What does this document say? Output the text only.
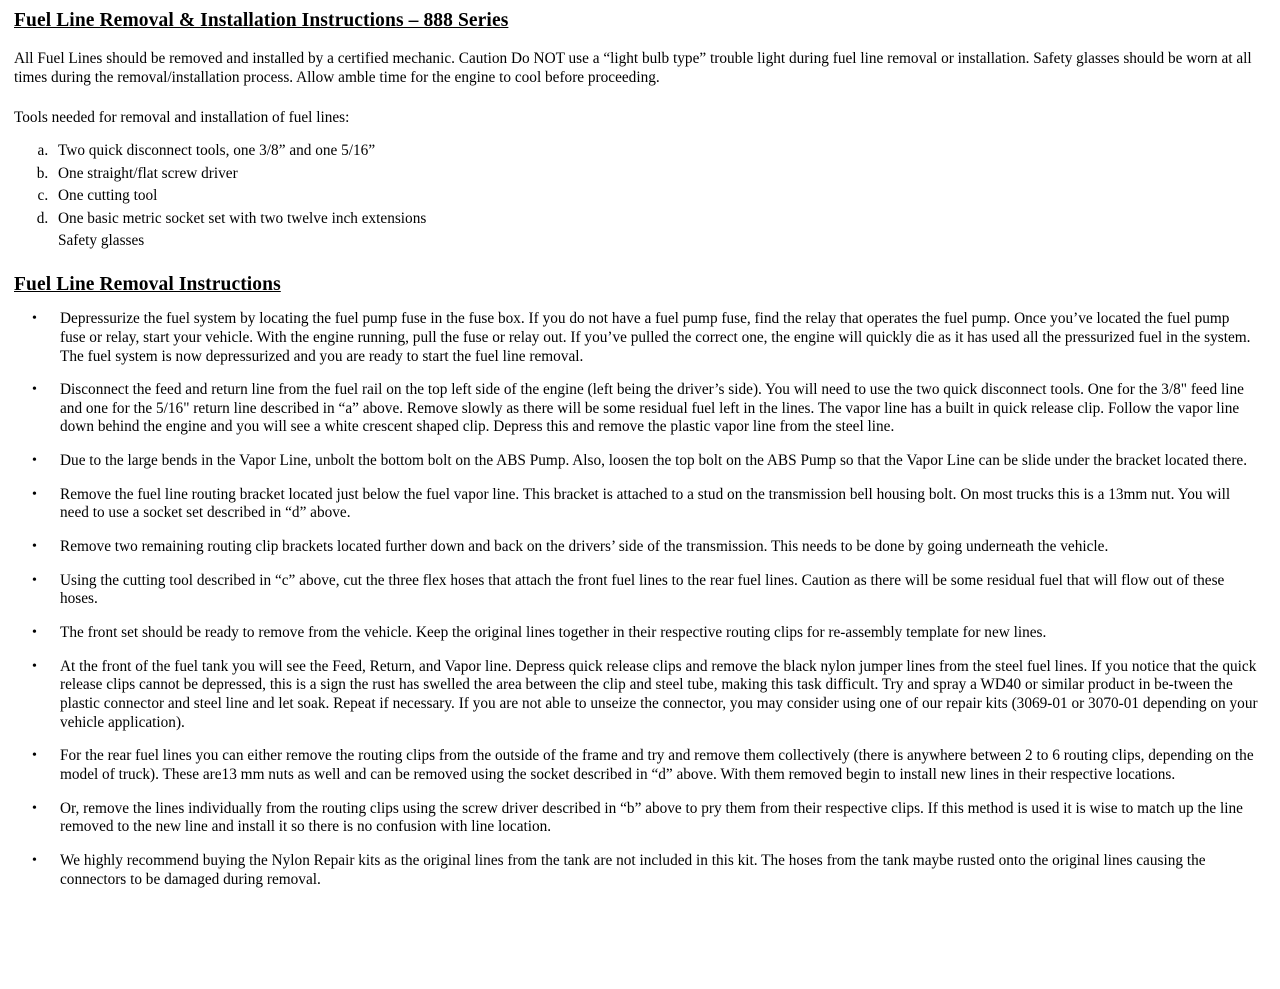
Fuel Line Removal & Installation Instructions – 888 Series

All Fuel Lines should be removed and installed by a certified mechanic. Caution Do NOT use a “light bulb type” trouble light during fuel line removal or installation. Safety glasses should be worn at all times during the removal/installation process. Allow amble time for the engine to cool before proceeding.

Tools needed for removal and installation of fuel lines:

a. Two quick disconnect tools, one 3/8” and one 5/16”
b. One straight/flat screw driver
c. One cutting tool
d. One basic metric socket set with two twelve inch extensions
Safety glasses
Fuel Line Removal Instructions
• Depressurize the fuel system by locating the fuel pump fuse in the fuse box. If you do not have a fuel pump fuse, find the relay that operates the fuel pump. Once you’ve located the fuel pump fuse or relay, start your vehicle. With the engine running, pull the fuse or relay out. If you’ve pulled the correct one, the engine will quickly die as it has used all the pressurized fuel in the system. The fuel system is now depressurized and you are ready to start the fuel line removal.
• Disconnect the feed and return line from the fuel rail on the top left side of the engine (left being the driver’s side). You will need to use the two quick disconnect tools. One for the 3/8" feed line and one for the 5/16" return line described in “a” above. Remove slowly as there will be some residual fuel left in the lines. The vapor line has a built in quick release clip. Follow the vapor line down behind the engine and you will see a white crescent shaped clip. Depress this and remove the plastic vapor line from the steel line.
• Due to the large bends in the Vapor Line, unbolt the bottom bolt on the ABS Pump. Also, loosen the top bolt on the ABS Pump so that the Vapor Line can be slide under the bracket located there.
• Remove the fuel line routing bracket located just below the fuel vapor line. This bracket is attached to a stud on the transmission bell housing bolt. On most trucks this is a 13mm nut. You will need to use a socket set described in “d” above.
• Remove two remaining routing clip brackets located further down and back on the drivers’ side of the transmission. This needs to be done by going underneath the vehicle.
• Using the cutting tool described in “c” above, cut the three flex hoses that attach the front fuel lines to the rear fuel lines. Caution as there will be some residual fuel that will flow out of these hoses.
• The front set should be ready to remove from the vehicle. Keep the original lines together in their respective routing clips for re-assembly template for new lines.
• At the front of the fuel tank you will see the Feed, Return, and Vapor line. Depress quick release clips and remove the black nylon jumper lines from the steel fuel lines. If you notice that the quick release clips cannot be depressed, this is a sign the rust has swelled the area between the clip and steel tube, making this task difficult. Try and spray a WD40 or similar product in be-tween the plastic connector and steel line and let soak. Repeat if necessary. If you are not able to unseize the connector, you may consider using one of our repair kits (3069-01 or 3070-01 depending on your vehicle application).
• For the rear fuel lines you can either remove the routing clips from the outside of the frame and try and remove them collectively (there is anywhere between 2 to 6 routing clips, depending on the model of truck). These are13 mm nuts as well and can be removed using the socket described in “d” above. With them removed begin to install new lines in their respective locations.
• Or, remove the lines individually from the routing clips using the screw driver described in “b” above to pry them from their respective clips. If this method is used it is wise to match up the line removed to the new line and install it so there is no confusion with line location.
• We highly recommend buying the Nylon Repair kits as the original lines from the tank are not included in this kit. The hoses from the tank maybe rusted onto the original lines causing the connectors to be damaged during removal.
